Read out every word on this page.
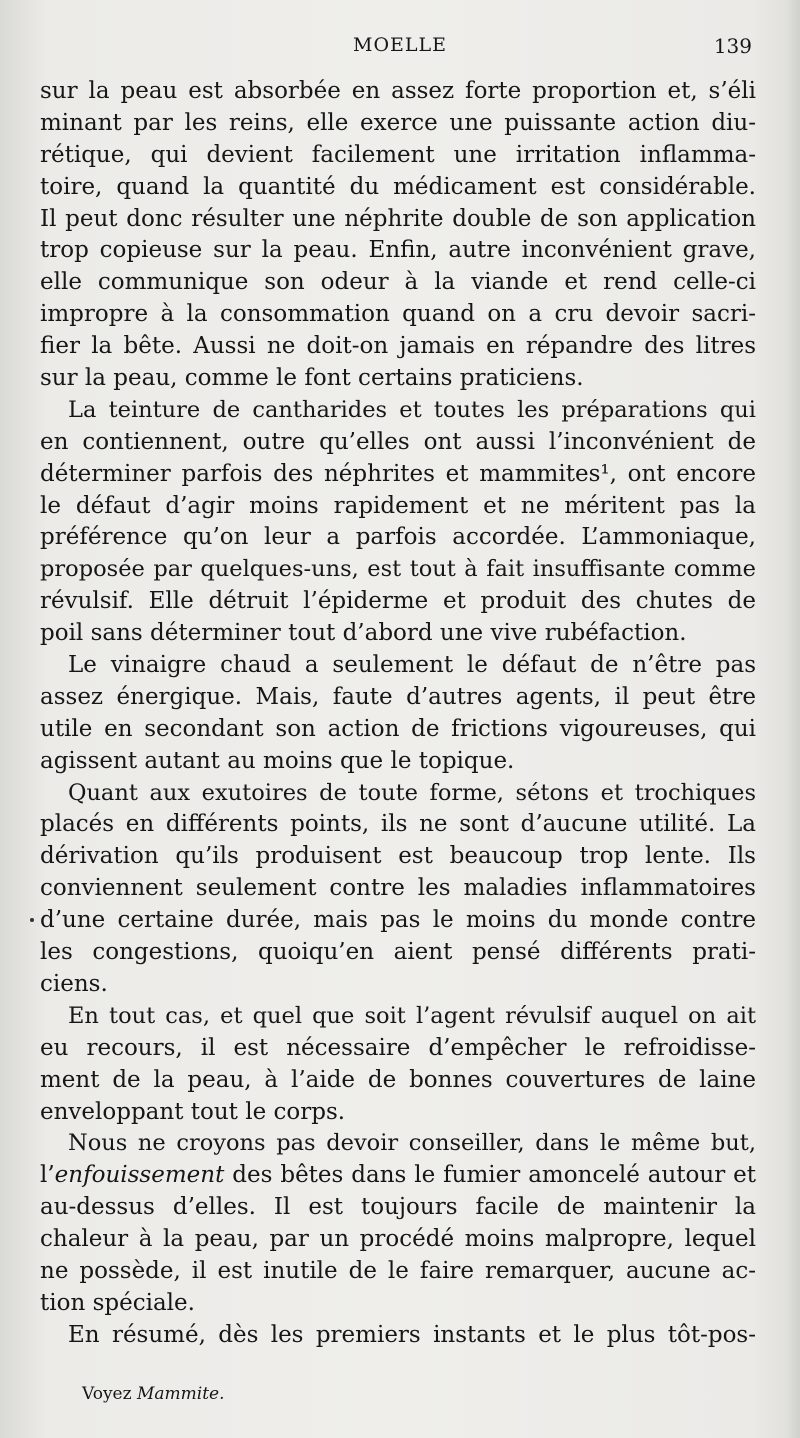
MOELLE	139
sur la peau est absorbée en assez forte proportion et, s’éli
minant par les reins, elle exerce une puissante action diu-
rétique, qui devient facilement une irritation inflamma-
toire, quand la quantité du médicament est considérable.
Il peut donc résulter une néphrite double de son application
trop copieuse sur la peau. Enfin, autre inconvénient grave,
elle communique son odeur à la viande et rend celle-ci
impropre à la consommation quand on a cru devoir sacri-
fier la bête. Aussi ne doit-on jamais en répandre des litres
sur la peau, comme le font certains praticiens.
La teinture de cantharides et toutes les préparations qui
en contiennent, outre qu’elles ont aussi l’inconvénient de
déterminer parfois des néphrites et mammites¹, ont encore
le défaut d’agir moins rapidement et ne méritent pas la
préférence qu’on leur a parfois accordée. L’ammoniaque,
proposée par quelques-uns, est tout à fait insuffisante comme
révulsif. Elle détruit l’épiderme et produit des chutes de
poil sans déterminer tout d’abord une vive rubéfaction.
Le vinaigre chaud a seulement le défaut de n’être pas
assez énergique. Mais, faute d’autres agents, il peut être
utile en secondant son action de frictions vigoureuses, qui
agissent autant au moins que le topique.
Quant aux exutoires de toute forme, sétons et trochiques
placés en différents points, ils ne sont d’aucune utilité. La
dérivation qu’ils produisent est beaucoup trop lente. Ils
conviennent seulement contre les maladies inflammatoires
d’une certaine durée, mais pas le moins du monde contre
les congestions, quoiqu’en aient pensé différents prati-
ciens.
En tout cas, et quel que soit l’agent révulsif auquel on ait
eu recours, il est nécessaire d’empêcher le refroidisse-
ment de la peau, à l’aide de bonnes couvertures de laine
enveloppant tout le corps.
Nous ne croyons pas devoir conseiller, dans le même but,
l’enfouissement des bêtes dans le fumier amoncelé autour et
au-dessus d’elles. Il est toujours facile de maintenir la
chaleur à la peau, par un procédé moins malpropre, lequel
ne possède, il est inutile de le faire remarquer, aucune ac-
tion spéciale.
En résumé, dès les premiers instants et le plus tôt-pos-
Voyez Mammite.
